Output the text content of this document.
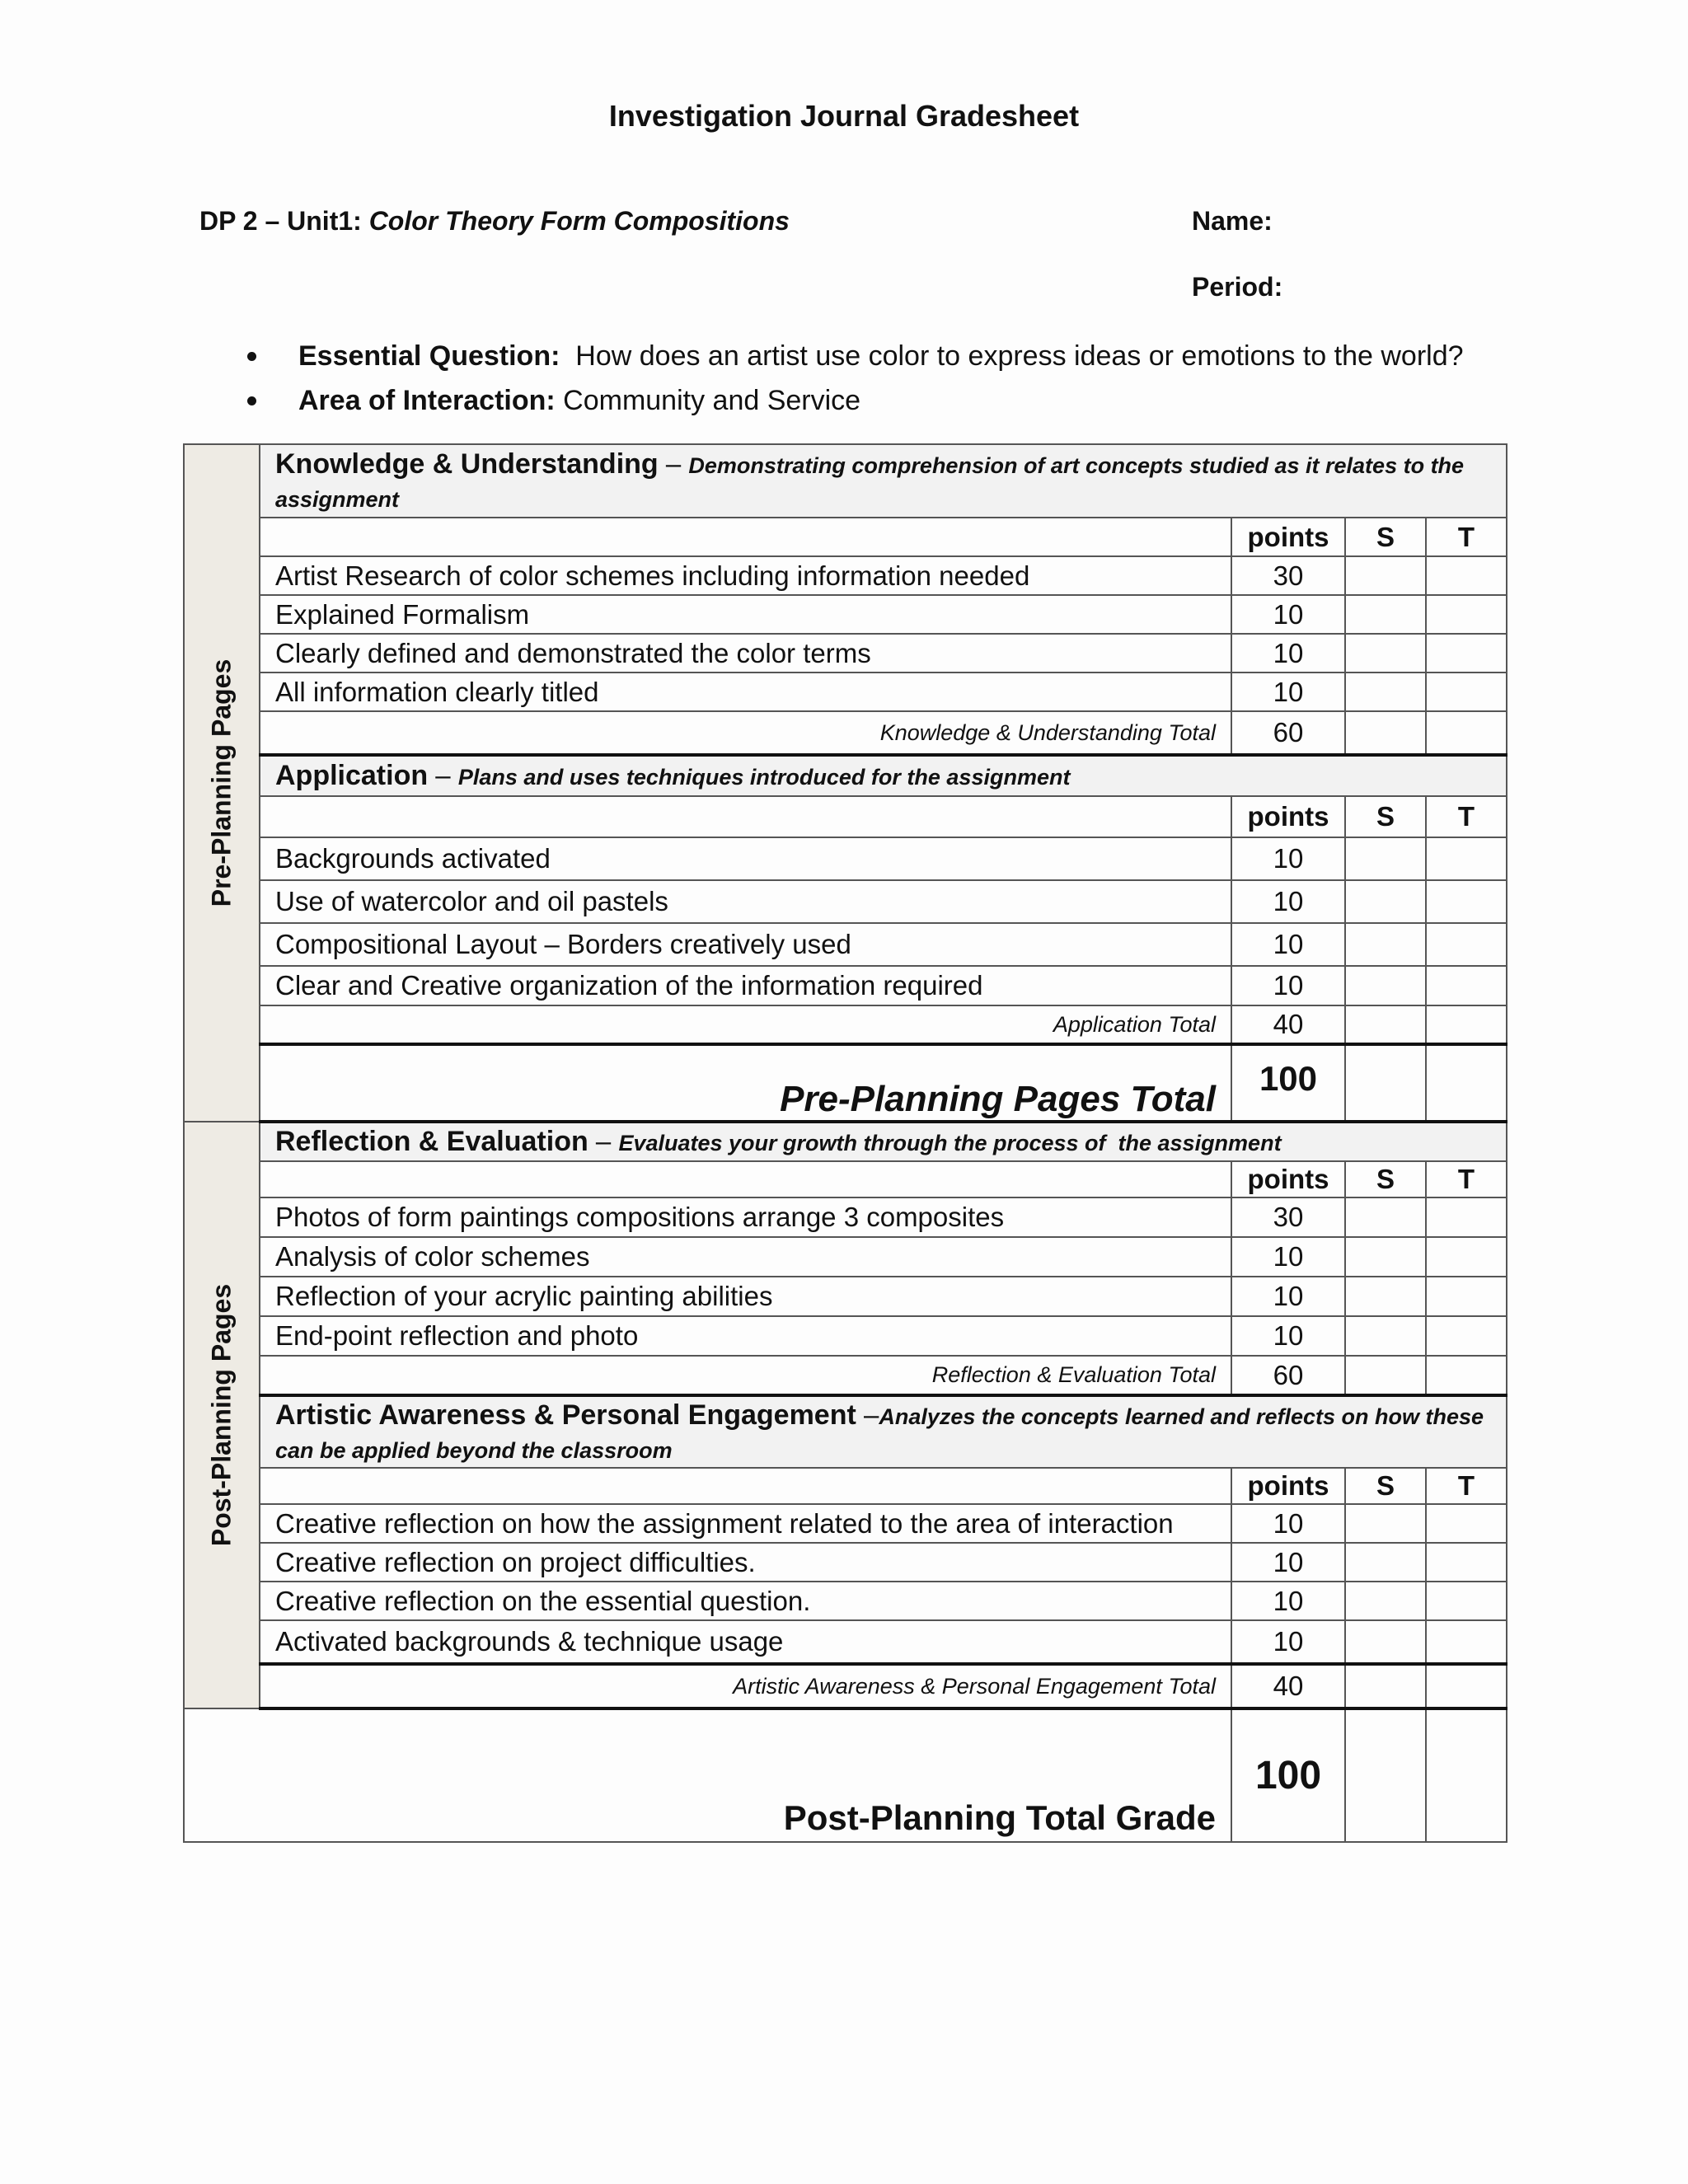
Investigation Journal Gradesheet
DP 2 – Unit1: Color Theory Form Compositions	Name:
Period:
Essential Question:  How does an artist use color to express ideas or emotions to the world?
Area of Interaction: Community and Service
Pre-Planning Pages	Knowledge & Understanding – Demonstrating comprehension of art concepts studied as it relates to the assignment			
		points	S	T
	Artist Research of color schemes including information needed	30		
	Explained Formalism	10		
	Clearly defined and demonstrated the color terms	10		
	All information clearly titled	10		
	Knowledge & Understanding Total	60		
	Application – Plans and uses techniques introduced for the assignment			
		points	S	T
	Backgrounds activated	10		
	Use of watercolor and oil pastels	10		
	Compositional Layout – Borders creatively used	10		
	Clear and Creative organization of the information required	10		
	Application Total	40		
	Pre-Planning Pages Total	100		

Post-Planning Pages	Reflection & Evaluation – Evaluates your growth through the process of  the assignment			
		points	S	T
	Photos of form paintings compositions arrange 3 composites	30		
	Analysis of color schemes	10		
	Reflection of your acrylic painting abilities	10		
	End-point reflection and photo	10		
	Reflection & Evaluation Total	60		
	Artistic Awareness & Personal Engagement –Analyzes the concepts learned and reflects on how these can be applied beyond the classroom			
		points	S	T
	Creative reflection on how the assignment related to the area of interaction	10		
	Creative reflection on project difficulties.	10		
	Creative reflection on the essential question.	10		
	Activated backgrounds & technique usage	10		
	Artistic Awareness & Personal Engagement Total	40		
Post-Planning Total Grade		100		
